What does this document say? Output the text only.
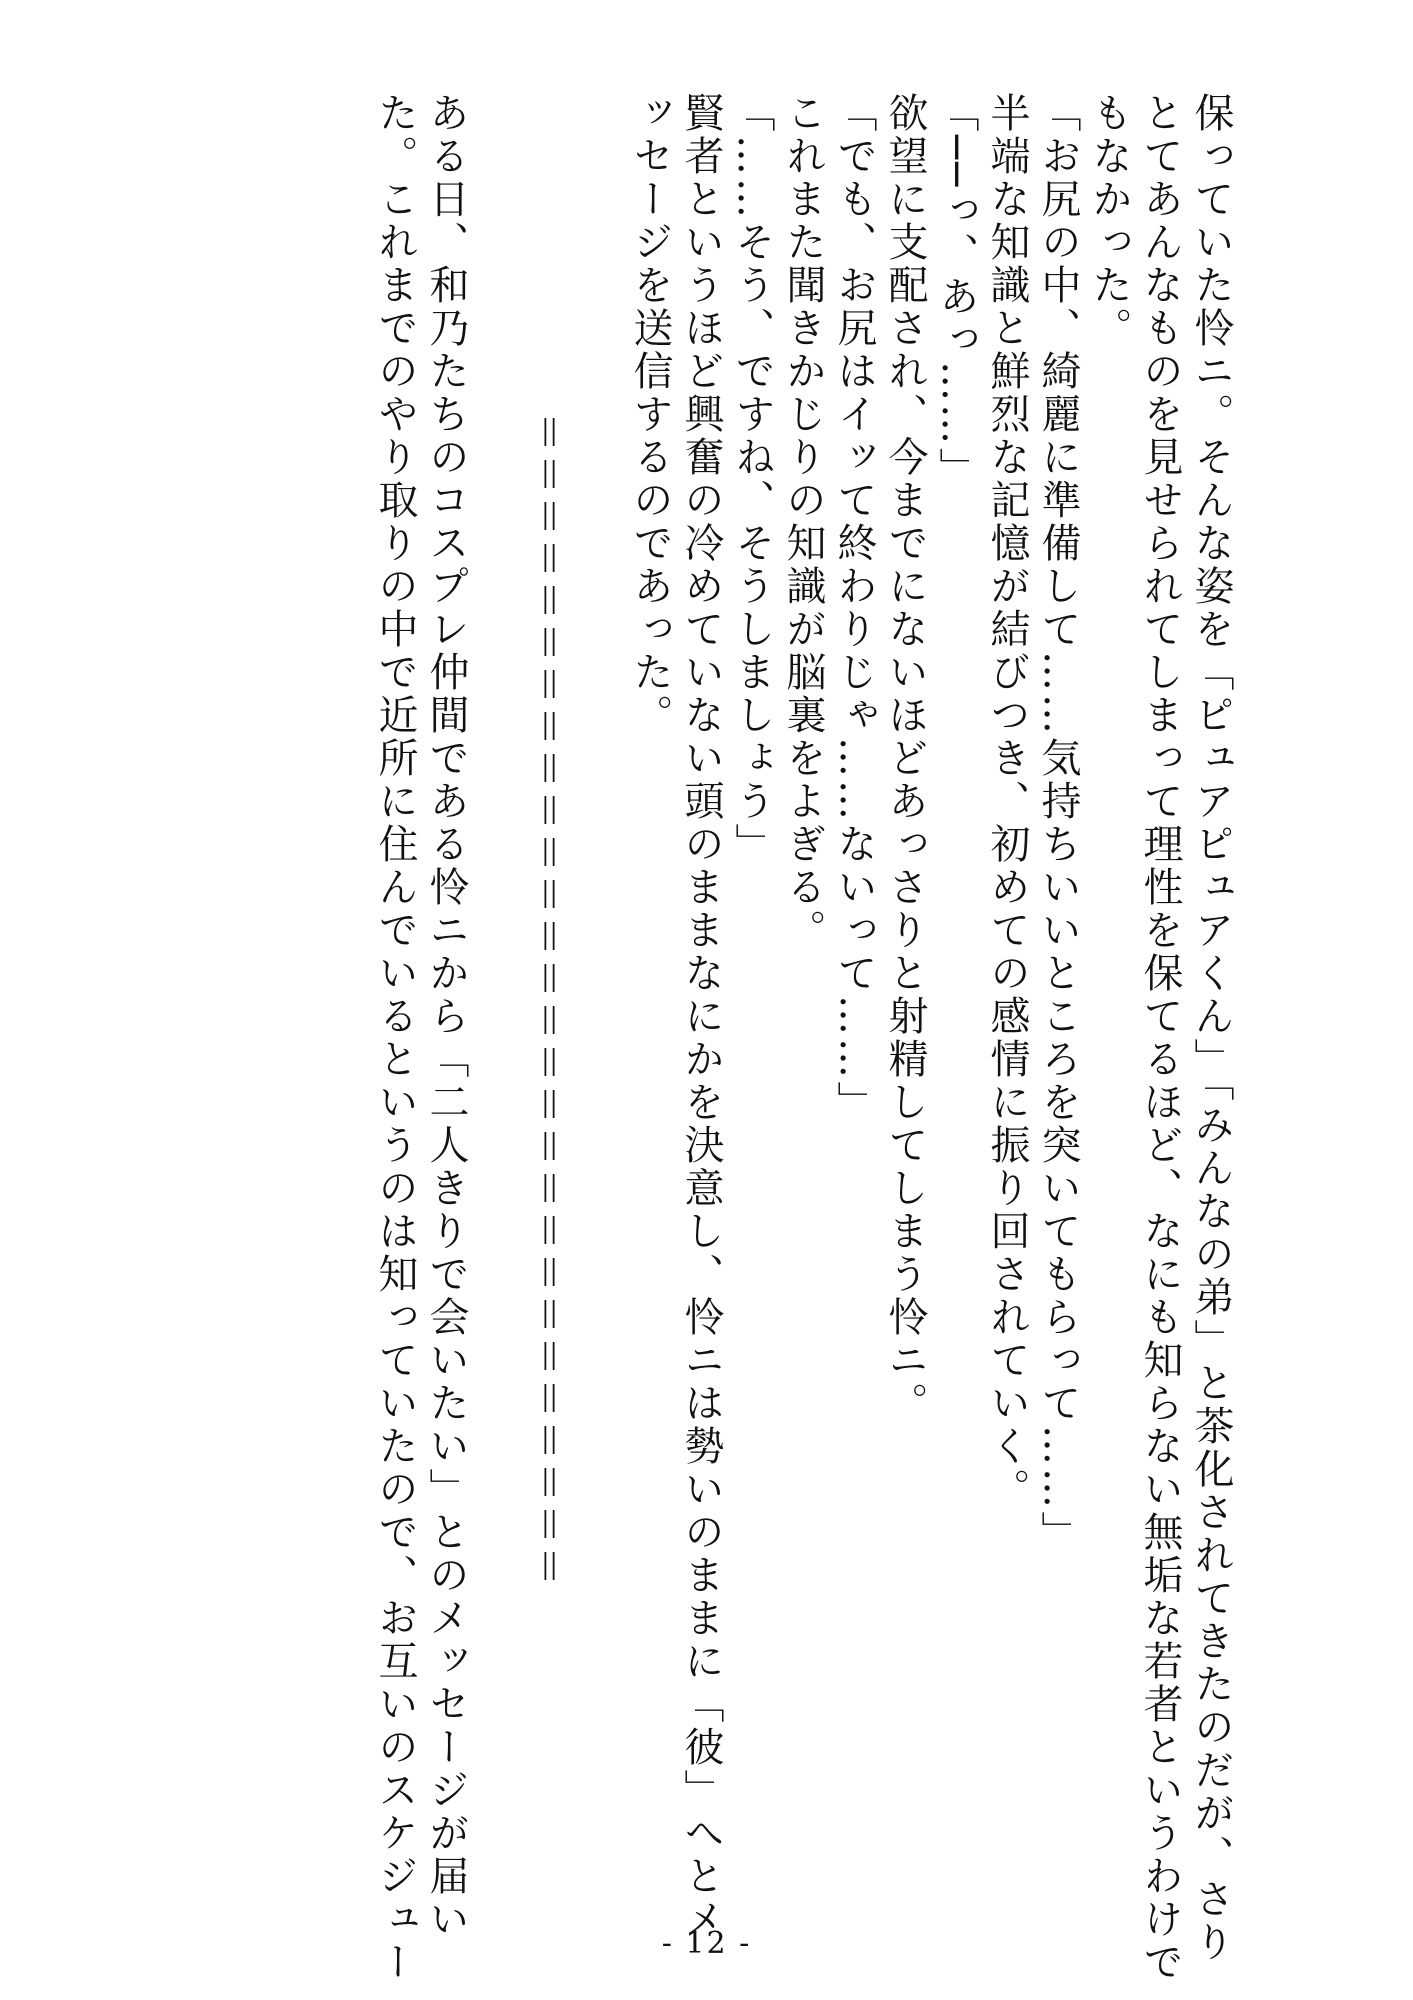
保っていた怜ニ。そんな姿を「ピュアピュアくん」「みんなの弟」と茶化されてきたのだが、さり
とてあんなものを見せられてしまって理性を保てるほど、なにも知らない無垢な若者というわけで
もなかった。
「お尻の中、綺麗に準備して……気持ちいいところを突いてもらって……」
半端な知識と鮮烈な記憶が結びつき、初めての感情に振り回されていく。
「──っ、あっ……」
欲望に支配され、今までにないほどあっさりと射精してしまう怜ニ。
「でも、お尻はイッて終わりじゃ……ないって……」
これまた聞きかじりの知識が脳裏をよぎる。
「……そう、ですね、そうしましょう」
賢者というほど興奮の冷めていない頭のままなにかを決意し、怜ニは勢いのままに「彼」へとメ
ッセージを送信するのであった。
＝＝＝＝＝＝＝＝＝＝＝＝＝＝＝＝＝＝＝＝＝＝＝＝＝＝＝＝
ある日、和乃たちのコスプレ仲間である怜ニから「二人きりで会いたい」とのメッセージが届い
た。これまでのやり取りの中で近所に住んでいるというのは知っていたので、お互いのスケジュー	- 12 -
